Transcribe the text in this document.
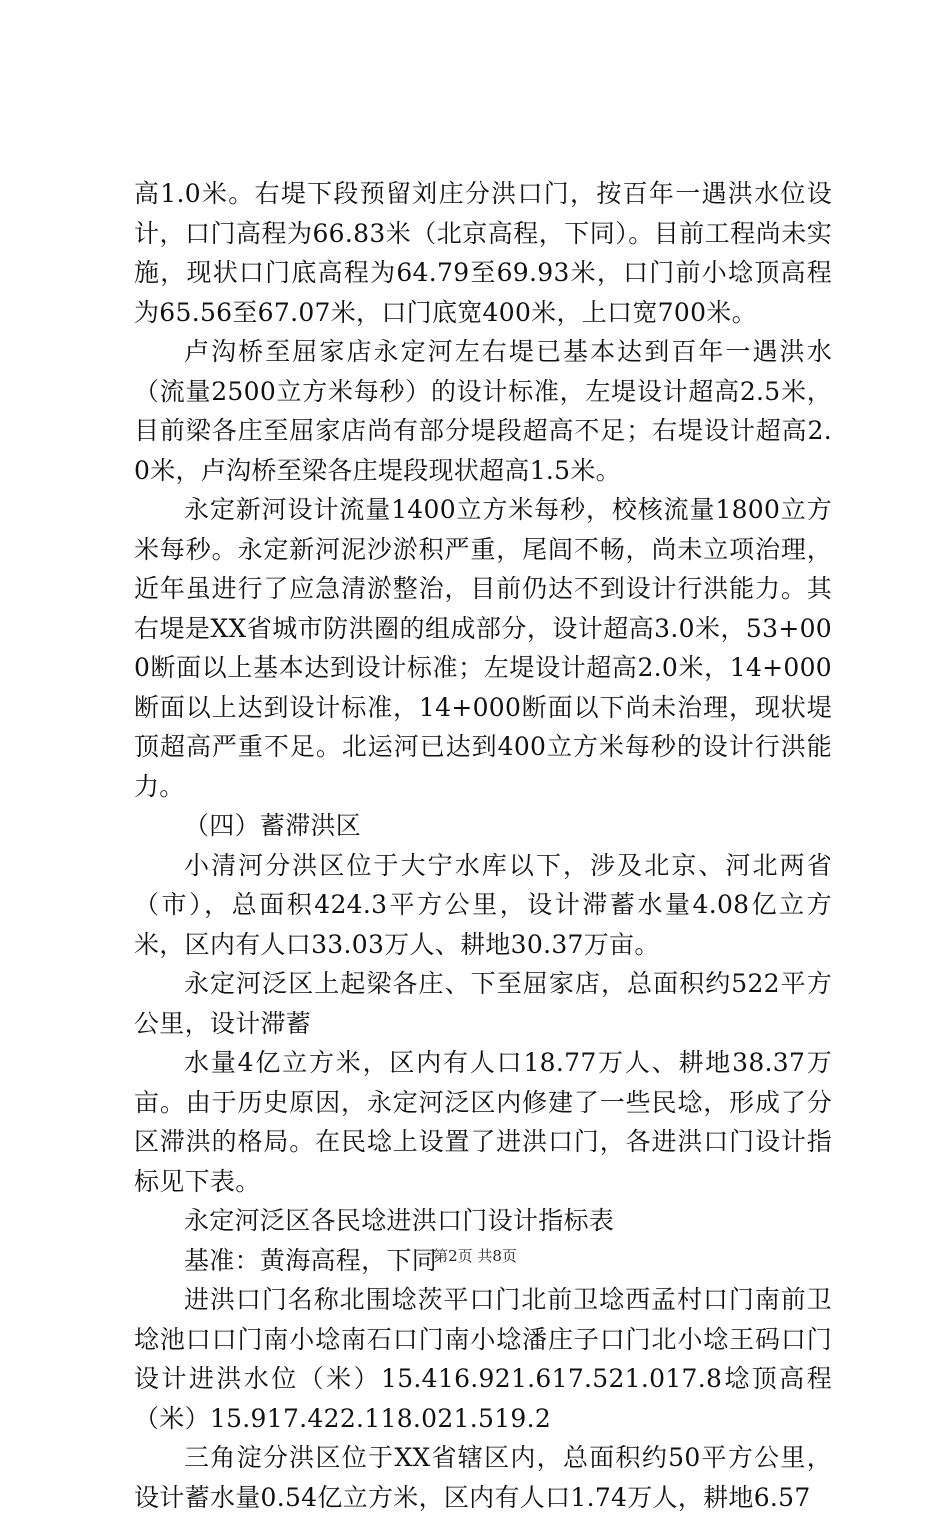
高1.0米。右堤下段预留刘庄分洪口门，按百年一遇洪水位设计，口门高程为66.83米（北京高程，下同）。目前工程尚未实施，现状口门底高程为64.79至69.93米，口门前小埝顶高程为65.56至67.07米，口门底宽400米，上口宽700米。

卢沟桥至屈家店永定河左右堤已基本达到百年一遇洪水（流量2500立方米每秒）的设计标准，左堤设计超高2.5米，目前梁各庄至屈家店尚有部分堤段超高不足；右堤设计超高2.0米，卢沟桥至梁各庄堤段现状超高1.5米。

永定新河设计流量1400立方米每秒，校核流量1800立方米每秒。永定新河泥沙淤积严重，尾闾不畅，尚未立项治理，近年虽进行了应急清淤整治，目前仍达不到设计行洪能力。其右堤是XX省城市防洪圈的组成部分，设计超高3.0米，53+000断面以上基本达到设计标准；左堤设计超高2.0米，14+000断面以上达到设计标准，14+000断面以下尚未治理，现状堤顶超高严重不足。北运河已达到400立方米每秒的设计行洪能力。

（四）蓄滞洪区

小清河分洪区位于大宁水库以下，涉及北京、河北两省（市），总面积424.3平方公里，设计滞蓄水量4.08亿立方米，区内有人口33.03万人、耕地30.37万亩。

永定河泛区上起梁各庄、下至屈家店，总面积约522平方公里，设计滞蓄

水量4亿立方米，区内有人口18.77万人、耕地38.37万亩。由于历史原因，永定河泛区内修建了一些民埝，形成了分区滞洪的格局。在民埝上设置了进洪口门，各进洪口门设计指标见下表。

永定河泛区各民埝进洪口门设计指标表

基准：黄海高程，下同

进洪口门名称北围埝茨平口门北前卫埝西孟村口门南前卫埝池口口门南小埝南石口门南小埝潘庄子口门北小埝王码口门设计进洪水位（米）15.416.921.617.521.017.8埝顶高程（米）15.917.422.118.021.519.2

三角淀分洪区位于XX省辖区内，总面积约50平方公里，设计蓄水量0.54亿立方米，区内有人口1.74万人，耕地6.57

第2页 共8页
